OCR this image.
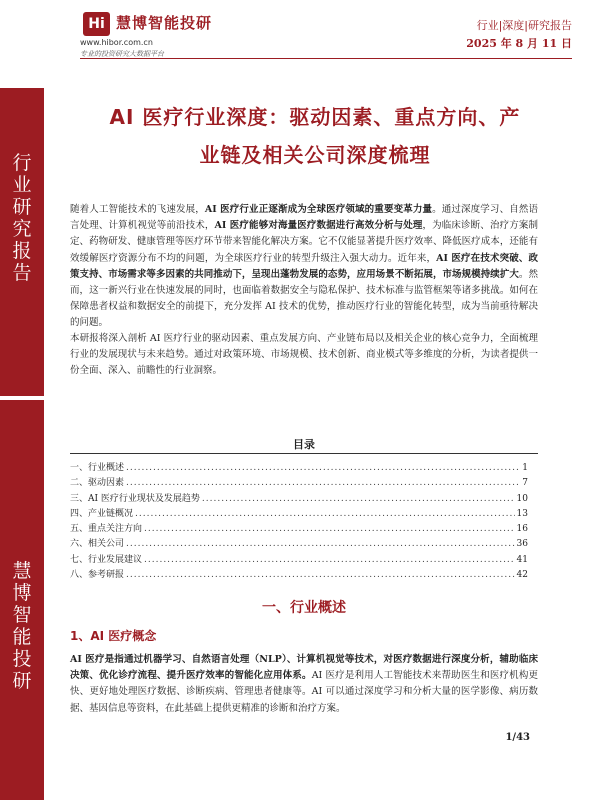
行业研究报告
慧博智能投研
Hi 慧博智能投研
www.hibor.com.cn
专业的投资研究大数据平台
行业|深度|研究报告
2025 年 8 月 11 日
AI 医疗行业深度：驱动因素、重点方向、产
业链及相关公司深度梳理
随着人工智能技术的飞速发展，AI 医疗行业正逐渐成为全球医疗领域的重要变革力量。通过深度学习、自然语言处理、计算机视觉等前沿技术，AI 医疗能够对海量医疗数据进行高效分析与处理，为临床诊断、治疗方案制定、药物研发、健康管理等医疗环节带来智能化解决方案。它不仅能显著提升医疗效率、降低医疗成本，还能有效缓解医疗资源分布不均的问题，为全球医疗行业的转型升级注入强大动力。近年来，AI 医疗在技术突破、政策支持、市场需求等多因素的共同推动下，呈现出蓬勃发展的态势，应用场景不断拓展，市场规模持续扩大。然而，这一新兴行业在快速发展的同时，也面临着数据安全与隐私保护、技术标准与监管框架等诸多挑战。如何在保障患者权益和数据安全的前提下，充分发挥 AI 技术的优势，推动医疗行业的智能化转型，成为当前亟待解决的问题。
本研报将深入剖析 AI 医疗行业的驱动因素、重点发展方向、产业链布局以及相关企业的核心竞争力，全面梳理行业的发展现状与未来趋势。通过对政策环境、市场规模、技术创新、商业模式等多维度的分析，为读者提供一份全面、深入、前瞻性的行业洞察。
目录
一、行业概述 .....	1
二、驱动因素 .....	7
三、AI 医疗行业现状及发展趋势 .....	10
四、产业链概况 .....	13
五、重点关注方向 .....	16
六、相关公司 .....	36
七、行业发展建议 .....	41
八、参考研报 .....	42
一、行业概述
1、AI 医疗概念
AI 医疗是指通过机器学习、自然语言处理（NLP）、计算机视觉等技术，对医疗数据进行深度分析，辅助临床决策、优化诊疗流程、提升医疗效率的智能化应用体系。AI 医疗是利用人工智能技术来帮助医生和医疗机构更快、更好地处理医疗数据、诊断疾病、管理患者健康等。AI 可以通过深度学习和分析大量的医学影像、病历数据、基因信息等资料，在此基础上提供更精准的诊断和治疗方案。
1/43
